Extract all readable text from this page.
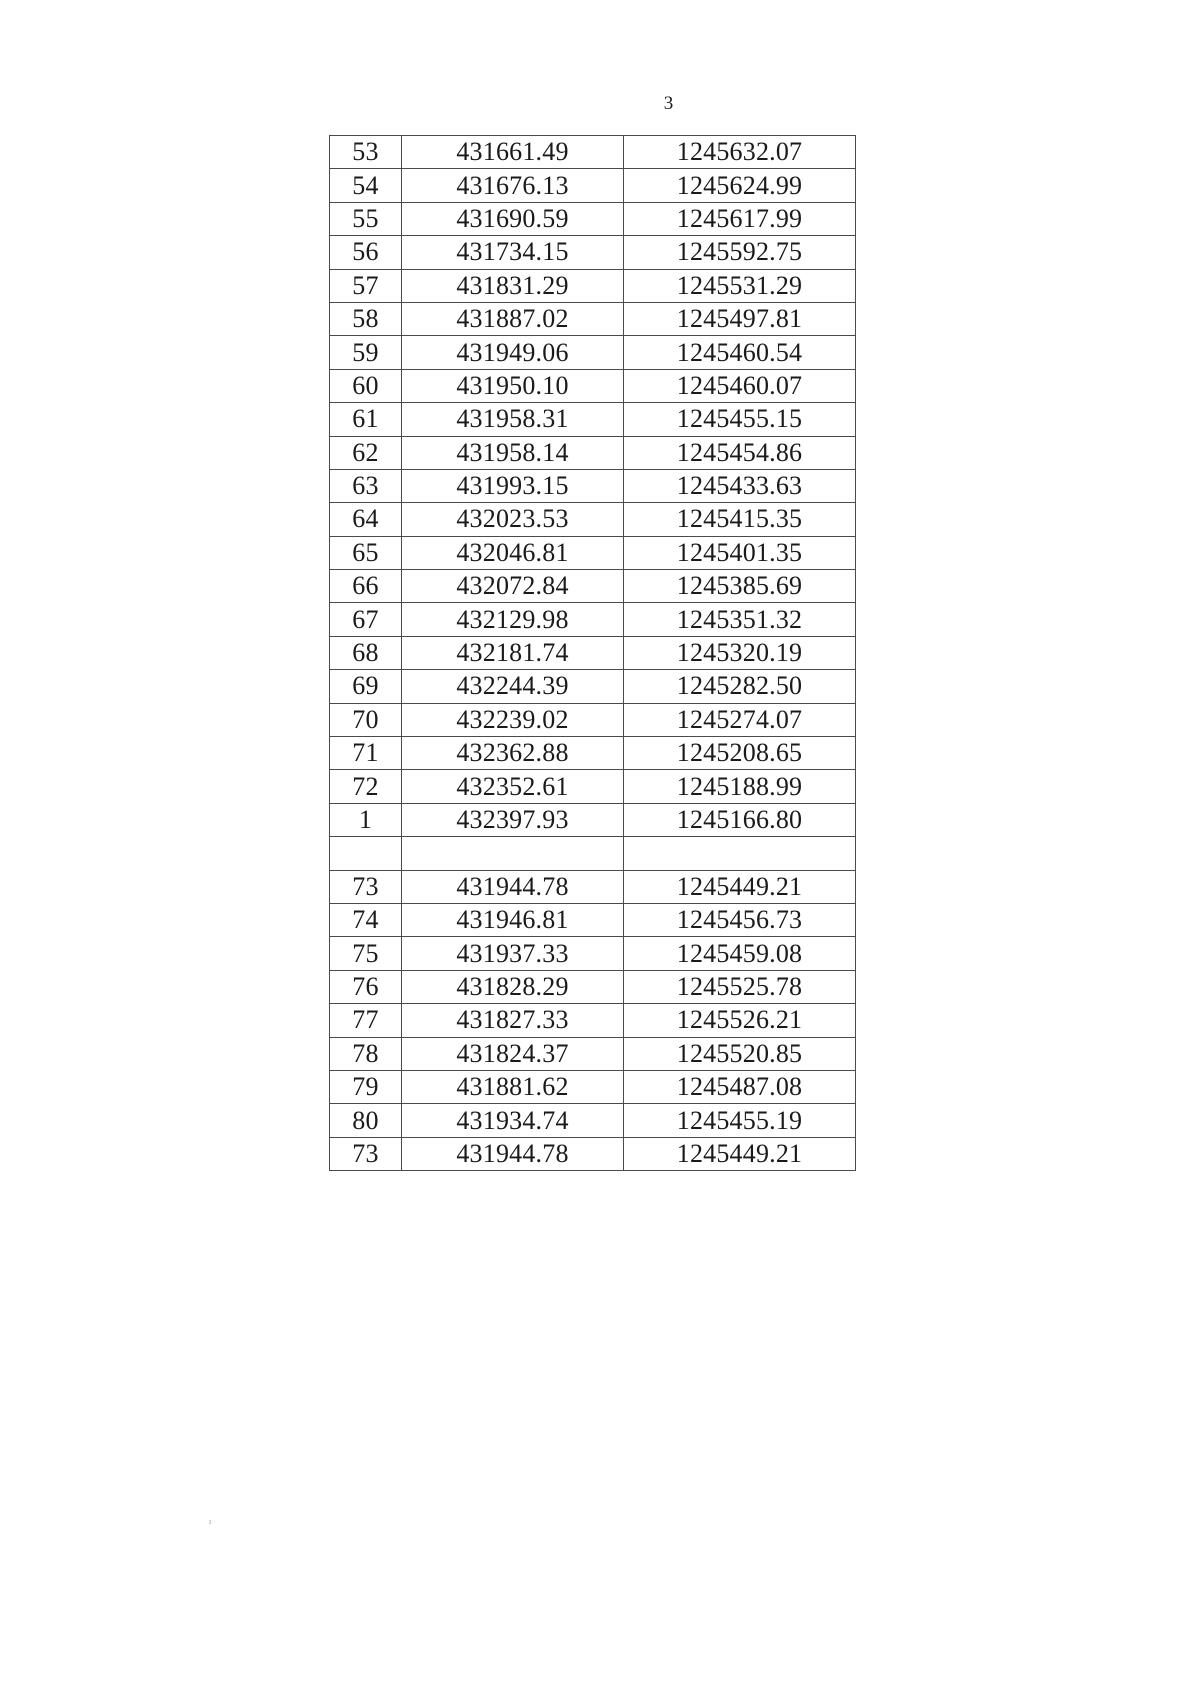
3
53	431661.49	1245632.07
54	431676.13	1245624.99
55	431690.59	1245617.99
56	431734.15	1245592.75
57	431831.29	1245531.29
58	431887.02	1245497.81
59	431949.06	1245460.54
60	431950.10	1245460.07
61	431958.31	1245455.15
62	431958.14	1245454.86
63	431993.15	1245433.63
64	432023.53	1245415.35
65	432046.81	1245401.35
66	432072.84	1245385.69
67	432129.98	1245351.32
68	432181.74	1245320.19
69	432244.39	1245282.50
70	432239.02	1245274.07
71	432362.88	1245208.65
72	432352.61	1245188.99
1	432397.93	1245166.80

73	431944.78	1245449.21
74	431946.81	1245456.73
75	431937.33	1245459.08
76	431828.29	1245525.78
77	431827.33	1245526.21
78	431824.37	1245520.85
79	431881.62	1245487.08
80	431934.74	1245455.19
73	431944.78	1245449.21
ı
